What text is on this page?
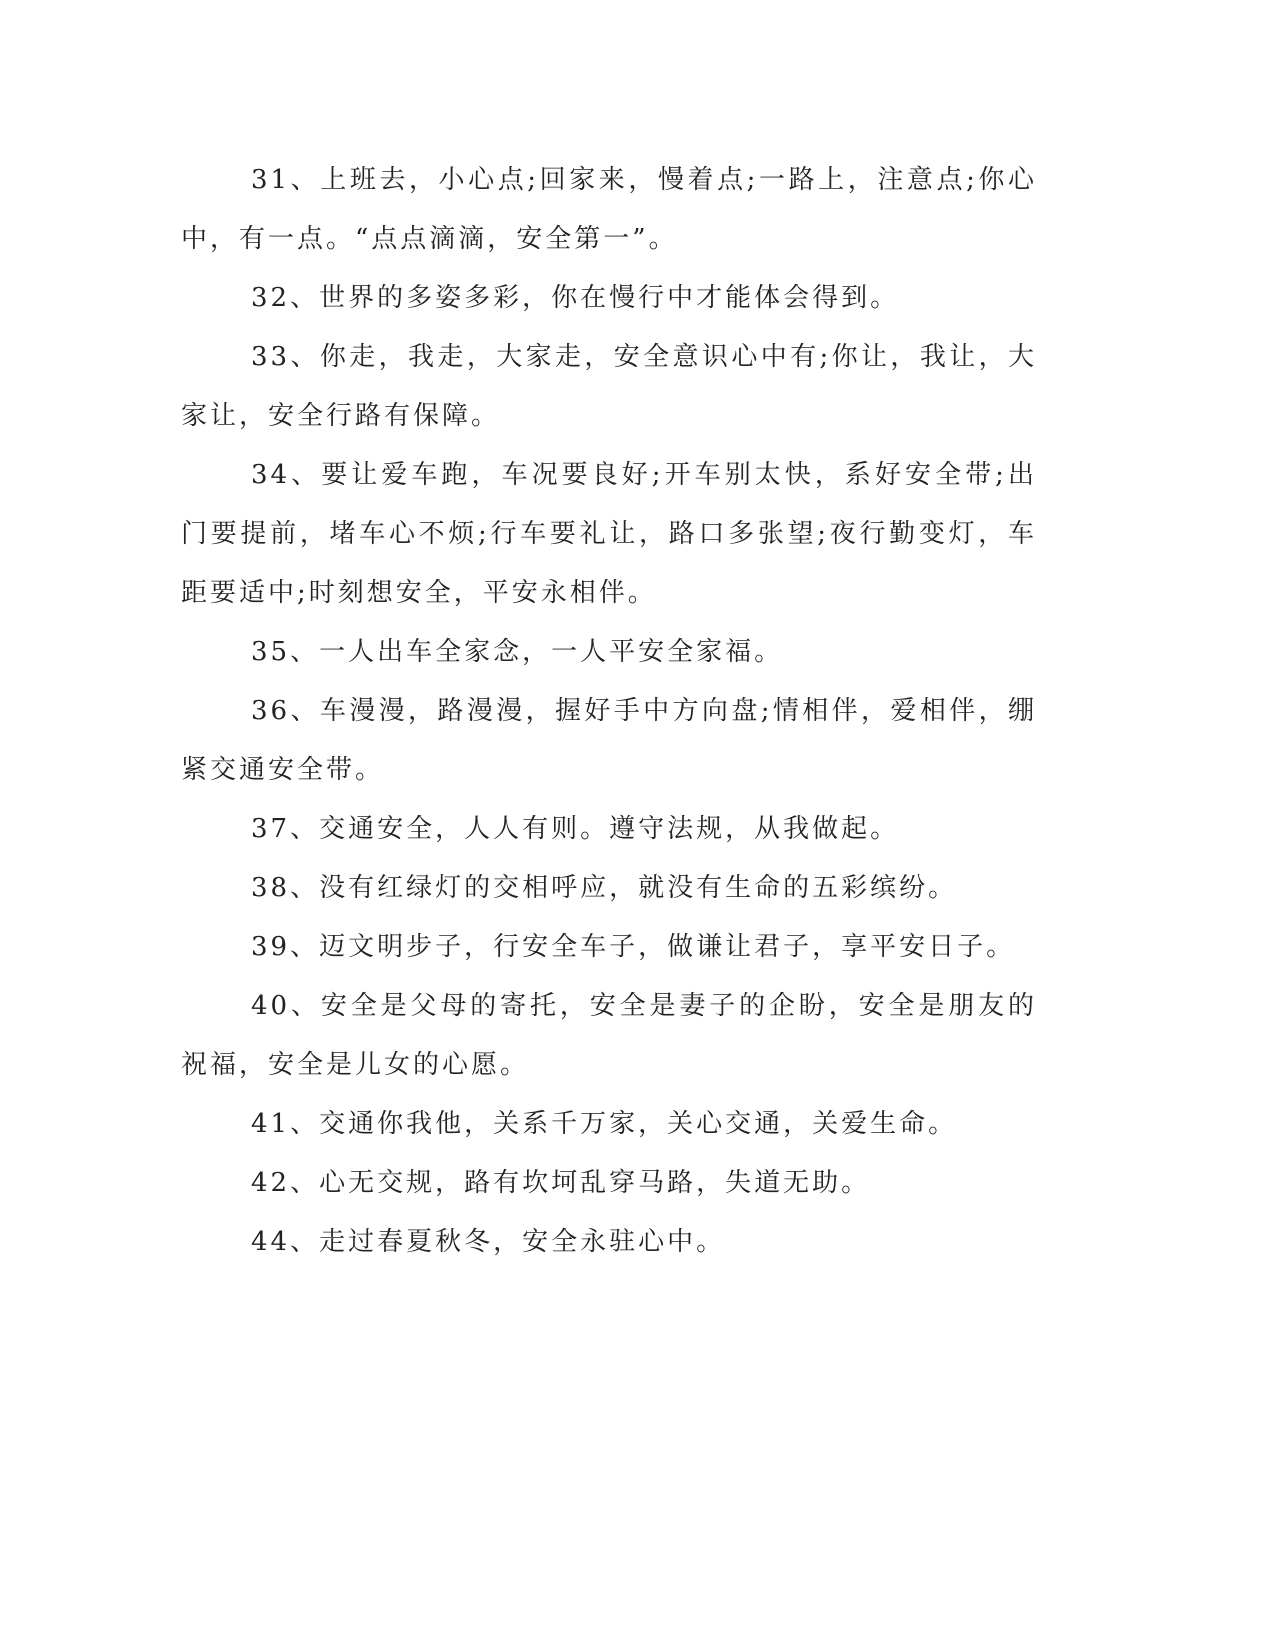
31、上班去，小心点;回家来，慢着点;一路上，注意点;你心中，有一点。“点点滴滴，安全第一”。

32、世界的多姿多彩，你在慢行中才能体会得到。

33、你走，我走，大家走，安全意识心中有;你让，我让，大家让，安全行路有保障。

34、要让爱车跑，车况要良好;开车别太快，系好安全带;出门要提前，堵车心不烦;行车要礼让，路口多张望;夜行勤变灯，车距要适中;时刻想安全，平安永相伴。

35、一人出车全家念，一人平安全家福。

36、车漫漫，路漫漫，握好手中方向盘;情相伴，爱相伴，绷紧交通安全带。

37、交通安全，人人有则。遵守法规，从我做起。

38、没有红绿灯的交相呼应，就没有生命的五彩缤纷。

39、迈文明步子，行安全车子，做谦让君子，享平安日子。

40、安全是父母的寄托，安全是妻子的企盼，安全是朋友的祝福，安全是儿女的心愿。

41、交通你我他，关系千万家，关心交通，关爱生命。

42、心无交规，路有坎坷乱穿马路，失道无助。

44、走过春夏秋冬，安全永驻心中。
